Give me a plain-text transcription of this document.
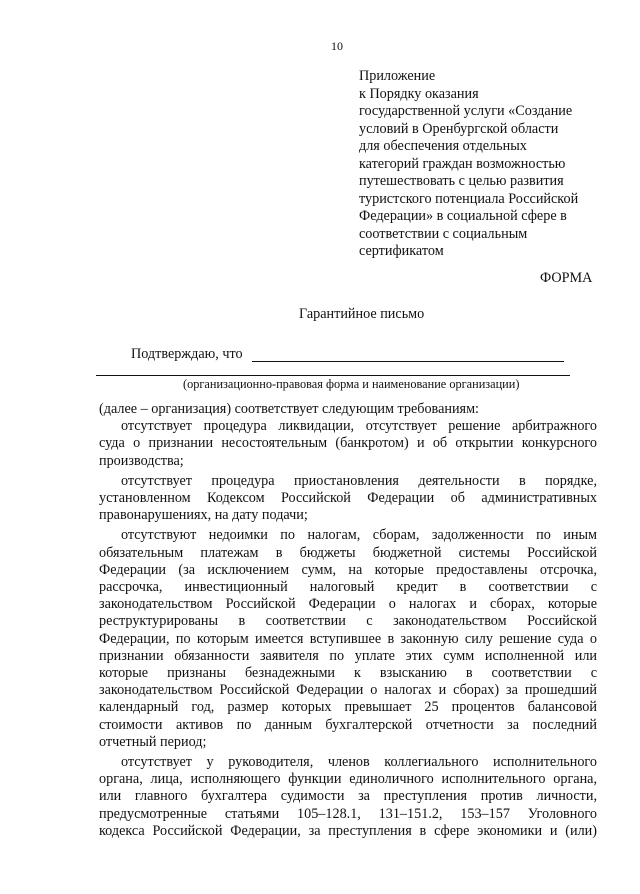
10
Приложение
к Порядку оказания
государственной услуги «Создание
условий в Оренбургской области
для обеспечения отдельных
категорий граждан возможностью
путешествовать с целью развития
туристского потенциала Российской
Федерации» в социальной сфере в
соответствии с социальным
сертификатом
ФОРМА
Гарантийное письмо
Подтверждаю, что
(организационно-правовая форма и наименование организации)
(далее – организация) соответствует следующим требованиям:
отсутствует процедура ликвидации, отсутствует решение арбитражного
суда о признании несостоятельным (банкротом) и об открытии конкурсного
производства;
отсутствует процедура приостановления деятельности в порядке,
установленном Кодексом Российской Федерации об административных
правонарушениях, на дату подачи;
отсутствуют недоимки по налогам, сборам, задолженности по иным
обязательным платежам в бюджеты бюджетной системы Российской
Федерации (за исключением сумм, на которые предоставлены отсрочка,
рассрочка, инвестиционный налоговый кредит в соответствии с
законодательством Российской Федерации о налогах и сборах, которые
реструктурированы в соответствии с законодательством Российской
Федерации, по которым имеется вступившее в законную силу решение суда о
признании обязанности заявителя по уплате этих сумм исполненной или
которые признаны безнадежными к взысканию в соответствии с
законодательством Российской Федерации о налогах и сборах) за прошедший
календарный год, размер которых превышает 25 процентов балансовой
стоимости активов по данным бухгалтерской отчетности за последний
отчетный период;
отсутствует у руководителя, членов коллегиального исполнительного
органа, лица, исполняющего функции единоличного исполнительного органа,
или главного бухгалтера судимости за преступления против личности,
предусмотренные статьями 105–128.1, 131–151.2, 153–157 Уголовного
кодекса Российской Федерации, за преступления в сфере экономики и (или)
